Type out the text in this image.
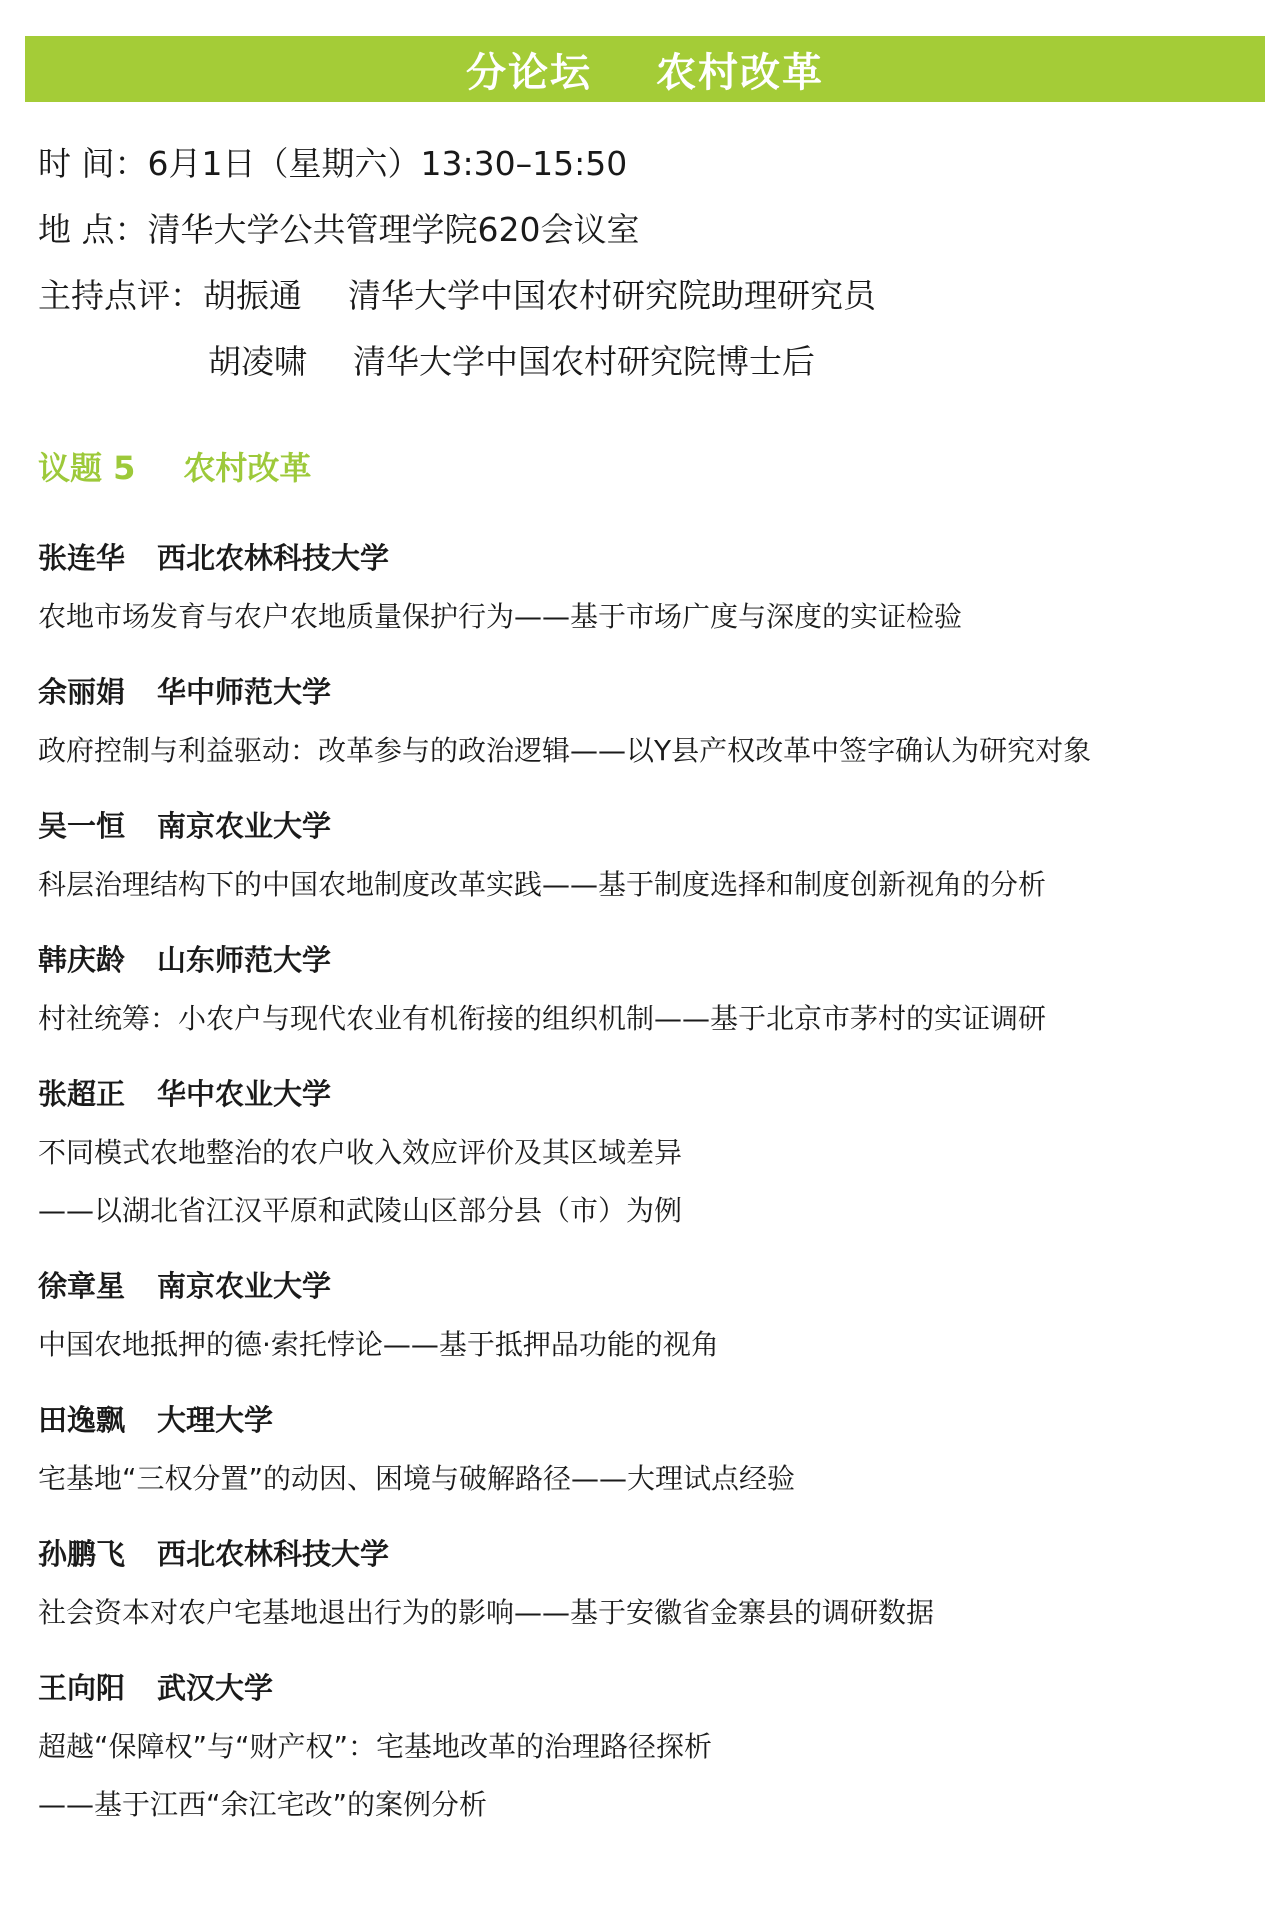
分论坛 农村改革
时 间：6月1日（星期六）13:30–15:50
地 点：清华大学公共管理学院620会议室
主持点评：胡振通 清华大学中国农村研究院助理研究员
胡凌啸 清华大学中国农村研究院博士后
议题 5 农村改革
张连华 西北农林科技大学
农地市场发育与农户农地质量保护行为——基于市场广度与深度的实证检验
余丽娟 华中师范大学
政府控制与利益驱动：改革参与的政治逻辑——以Y县产权改革中签字确认为研究对象
吴一恒 南京农业大学
科层治理结构下的中国农地制度改革实践——基于制度选择和制度创新视角的分析
韩庆龄 山东师范大学
村社统筹：小农户与现代农业有机衔接的组织机制——基于北京市茅村的实证调研
张超正 华中农业大学
不同模式农地整治的农户收入效应评价及其区域差异
——以湖北省江汉平原和武陵山区部分县（市）为例
徐章星 南京农业大学
中国农地抵押的德·索托悖论——基于抵押品功能的视角
田逸飘 大理大学
宅基地“三权分置”的动因、困境与破解路径——大理试点经验
孙鹏飞 西北农林科技大学
社会资本对农户宅基地退出行为的影响——基于安徽省金寨县的调研数据
王向阳 武汉大学
超越“保障权”与“财产权”：宅基地改革的治理路径探析
——基于江西“余江宅改”的案例分析
